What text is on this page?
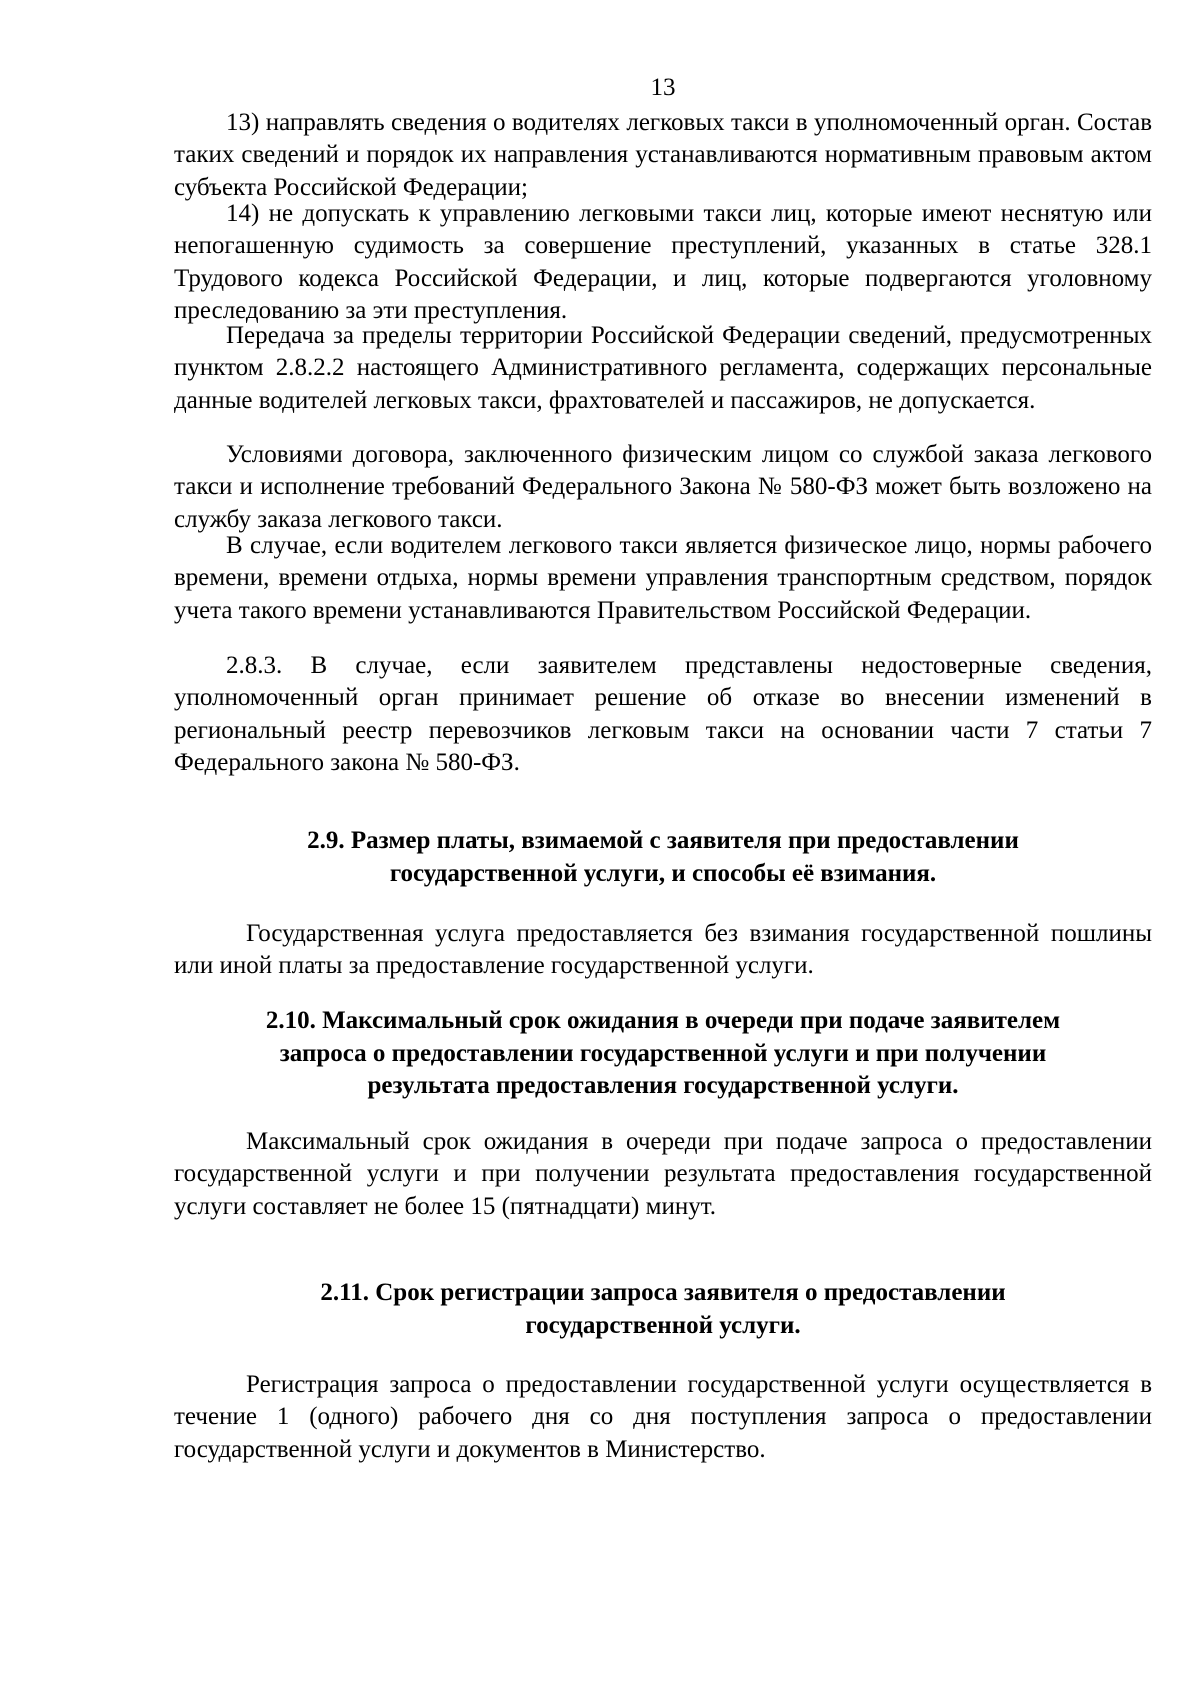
13

13) направлять сведения о водителях легковых такси в уполномоченный орган. Состав таких сведений и порядок их направления устанавливаются нормативным правовым актом субъекта Российской Федерации;

14) не допускать к управлению легковыми такси лиц, которые имеют неснятую или непогашенную судимость за совершение преступлений, указанных в статье 328.1 Трудового кодекса Российской Федерации, и лиц, которые подвергаются уголовному преследованию за эти преступления.

Передача за пределы территории Российской Федерации сведений, предусмотренных пунктом 2.8.2.2 настоящего Административного регламента, содержащих персональные данные водителей легковых такси, фрахтователей и пассажиров, не допускается.

Условиями договора, заключенного физическим лицом со службой заказа легкового такси и исполнение требований Федерального Закона № 580-ФЗ может быть возложено на службу заказа легкового такси.

В случае, если водителем легкового такси является физическое лицо, нормы рабочего времени, времени отдыха, нормы времени управления транспортным средством, порядок учета такого времени устанавливаются Правительством Российской Федерации.

2.8.3. В случае, если заявителем представлены недостоверные сведения, уполномоченный орган принимает решение об отказе во внесении изменений в региональный реестр перевозчиков легковым такси на основании части 7 статьи 7 Федерального закона № 580-ФЗ.

2.9. Размер платы, взимаемой с заявителя при предоставлении
государственной услуги, и способы её взимания.

Государственная услуга предоставляется без взимания государственной пошлины или иной платы за предоставление государственной услуги.

2.10. Максимальный срок ожидания в очереди при подаче заявителем
запроса о предоставлении государственной услуги и при получении
результата предоставления государственной услуги.

Максимальный срок ожидания в очереди при подаче запроса о предоставлении государственной услуги и при получении результата предоставления государственной услуги составляет не более 15 (пятнадцати) минут.

2.11. Срок регистрации запроса заявителя о предоставлении
государственной услуги.

Регистрация запроса о предоставлении государственной услуги осуществляется в течение 1 (одного) рабочего дня со дня поступления запроса о предоставлении государственной услуги и документов в Министерство.
